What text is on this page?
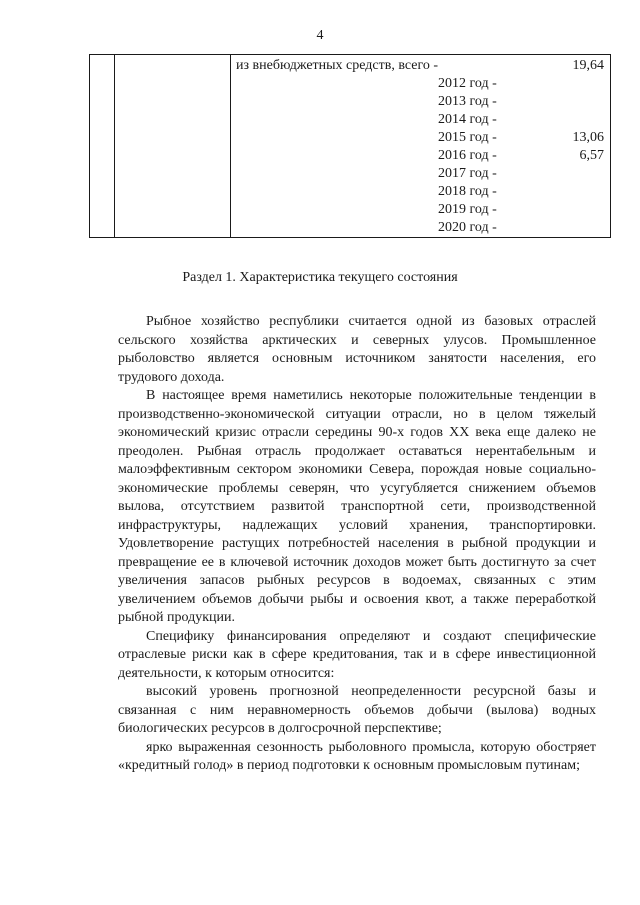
4
из внебюджетных средств, всего -	19,64
2012 год -
2013 год -
2014 год -
2015 год -	13,06
2016 год -	6,57
2017 год -
2018 год -
2019 год -
2020 год -
Раздел 1. Характеристика текущего состояния

Рыбное хозяйство республики считается одной из базовых отраслей сельского хозяйства арктических и северных улусов. Промышленное рыболовство является основным источником занятости населения, его трудового дохода.

В настоящее время наметились некоторые положительные тенденции в производственно-экономической ситуации отрасли, но в целом тяжелый экономический кризис отрасли середины 90-х годов XX века еще далеко не преодолен. Рыбная отрасль продолжает оставаться нерентабельным и малоэффективным сектором экономики Севера, порождая новые социально-экономические проблемы северян, что усугубляется снижением объемов вылова, отсутствием развитой транспортной сети, производственной инфраструктуры, надлежащих условий хранения, транспортировки. Удовлетворение растущих потребностей населения в рыбной продукции и превращение ее в ключевой источник доходов может быть достигнуто за счет увеличения запасов рыбных ресурсов в водоемах, связанных с этим увеличением объемов добычи рыбы и освоения квот, а также переработкой рыбной продукции.

Специфику финансирования определяют и создают специфические отраслевые риски как в сфере кредитования, так и в сфере инвестиционной деятельности, к которым относится:

высокий уровень прогнозной неопределенности ресурсной базы и связанная с ним неравномерность объемов добычи (вылова) водных биологических ресурсов в долгосрочной перспективе;

ярко выраженная сезонность рыболовного промысла, которую обостряет «кредитный голод» в период подготовки к основным промысловым путинам;
